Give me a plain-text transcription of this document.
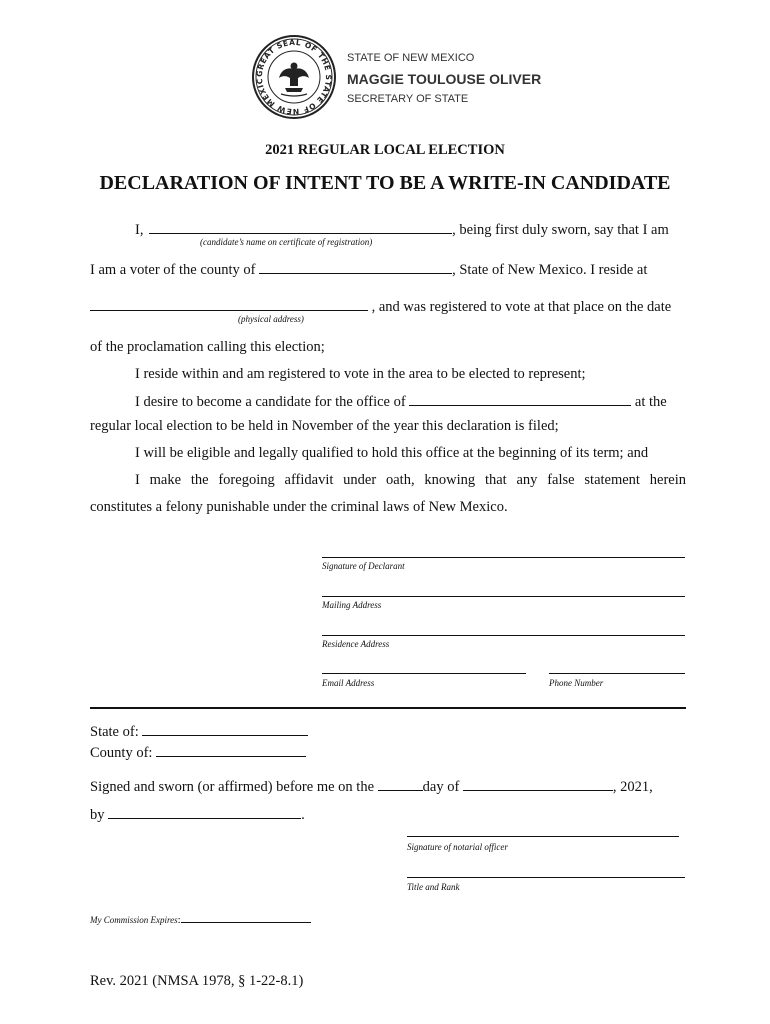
GREAT SEAL OF THE STATE OF NEW MEXIC
STATE OF NEW MEXICO
MAGGIE TOULOUSE OLIVER
SECRETARY OF STATE
2021 REGULAR LOCAL ELECTION
DECLARATION OF INTENT TO BE A WRITE-IN CANDIDATE
I,	, being first duly sworn, say that I am
(candidate’s name on certificate of registration)
I am a voter of the county of	, State of New Mexico. I reside at
, and was registered to vote at that place on the date
(physical address)
of the proclamation calling this election;
I reside within and am registered to vote in the area to be elected to represent;
I desire to become a candidate for the office of	at the
regular local election to be held in November of the year this declaration is filed;
I will be eligible and legally qualified to hold this office at the beginning of its term; and
I make the foregoing affidavit under oath, knowing that any false statement herein
constitutes a felony punishable under the criminal laws of New Mexico.
Signature of Declarant
Mailing Address
Residence Address
Email Address	Phone Number
State of:
County of:
Signed and sworn (or affirmed) before me on the	day of	, 2021,
by	.
Signature of notarial officer
Title and Rank
My Commission Expires:
Rev. 2021 (NMSA 1978, § 1-22-8.1)
